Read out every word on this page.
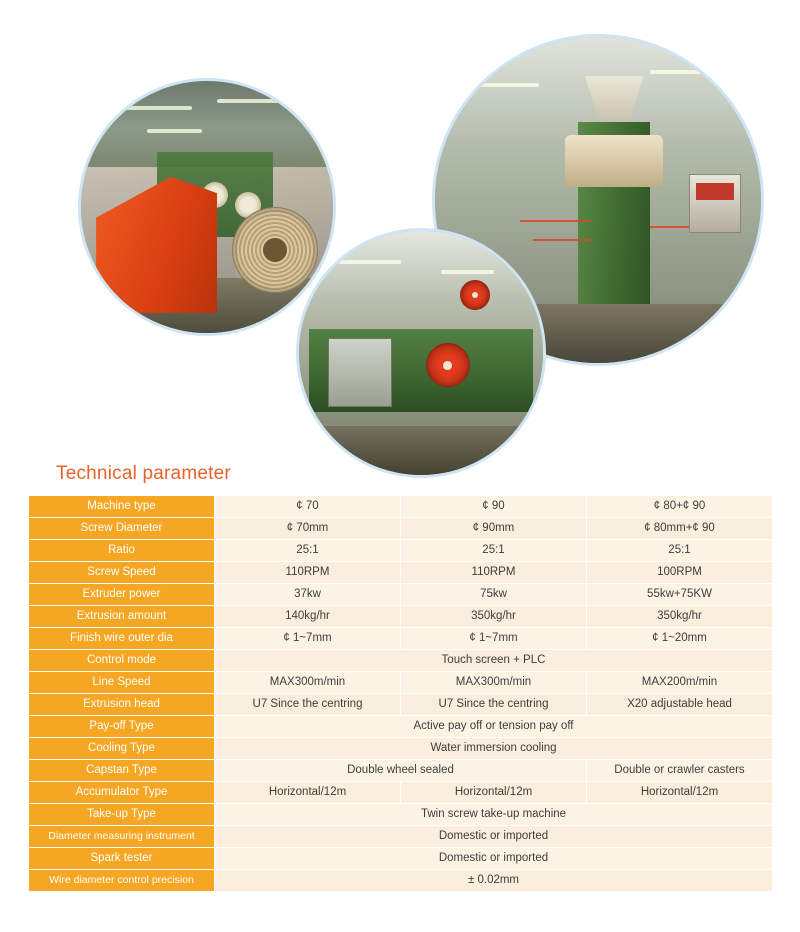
Technical parameter
Machine type	¢ 70	¢ 90	¢ 80+¢ 90
Screw Diameter	¢ 70mm	¢ 90mm	¢ 80mm+¢ 90
Ratio	25:1	25:1	25:1
Screw Speed	110RPM	110RPM	100RPM
Extruder power	37kw	75kw	55kw+75KW
Extrusion amount	140kg/hr	350kg/hr	350kg/hr
Finish wire outer dia	¢ 1~7mm	¢ 1~7mm	¢ 1~20mm
Control mode	Touch screen + PLC		
Line Speed	MAX300m/min	MAX300m/min	MAX200m/min
Extrusion head	U7 Since the centring	U7 Since the centring	X20 adjustable head
Pay-off Type	Active pay off or tension pay off		
Cooling Type	Water immersion cooling		
Capstan Type	Double wheel sealed		Double or crawler casters
Accumulator Type	Horizontal/12m	Horizontal/12m	Horizontal/12m
Take-up Type	Twin screw take-up machine		
Diameter measuring instrument	Domestic or imported		
Spark tester	Domestic or imported		
Wire diameter control precision	± 0.02mm		
